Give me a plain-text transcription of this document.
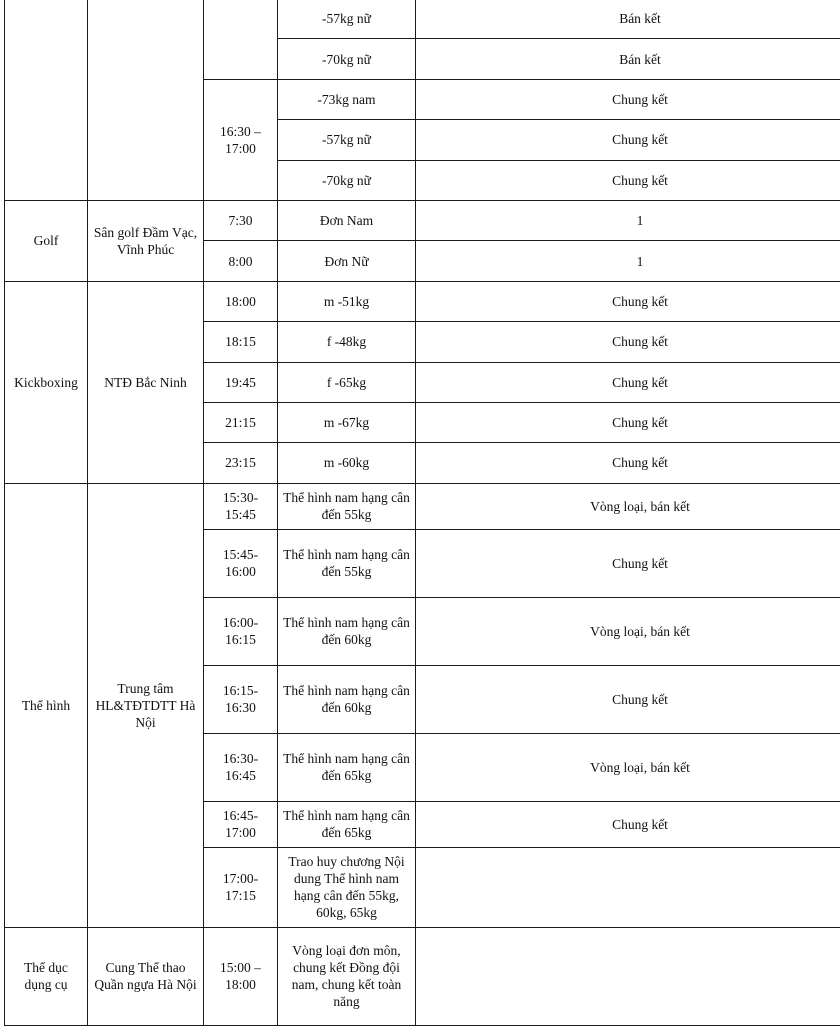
			-57kg nữ	Bán kết
			-70kg nữ	Bán kết
		16:30 – 17:00	-73kg nam	Chung kết
			-57kg nữ	Chung kết
			-70kg nữ	Chung kết
Golf	Sân golf Đầm Vạc, Vĩnh Phúc	7:30	Đơn Nam	1
		8:00	Đơn Nữ	1
Kickboxing	NTĐ Bắc Ninh	18:00	m -51kg	Chung kết
		18:15	f -48kg	Chung kết
		19:45	f -65kg	Chung kết
		21:15	m -67kg	Chung kết
		23:15	m -60kg	Chung kết
Thể hình	Trung tâm HL&TĐTDTT Hà Nội	15:30-15:45	Thể hình nam hạng cân đến 55kg	Vòng loại, bán kết
		15:45-16:00	Thể hình nam hạng cân đến 55kg	Chung kết
		16:00-16:15	Thể hình nam hạng cân đến 60kg	Vòng loại, bán kết
		16:15-16:30	Thể hình nam hạng cân đến 60kg	Chung kết
		16:30-16:45	Thể hình nam hạng cân đến 65kg	Vòng loại, bán kết
		16:45-17:00	Thể hình nam hạng cân đến 65kg	Chung kết
		17:00-17:15	Trao huy chương Nội dung Thể hình nam hạng cân đến 55kg, 60kg, 65kg	
Thể dục dụng cụ	Cung Thể thao Quần ngựa Hà Nội	15:00 – 18:00	Vòng loại đơn môn, chung kết Đồng đội nam, chung kết toàn năng	
